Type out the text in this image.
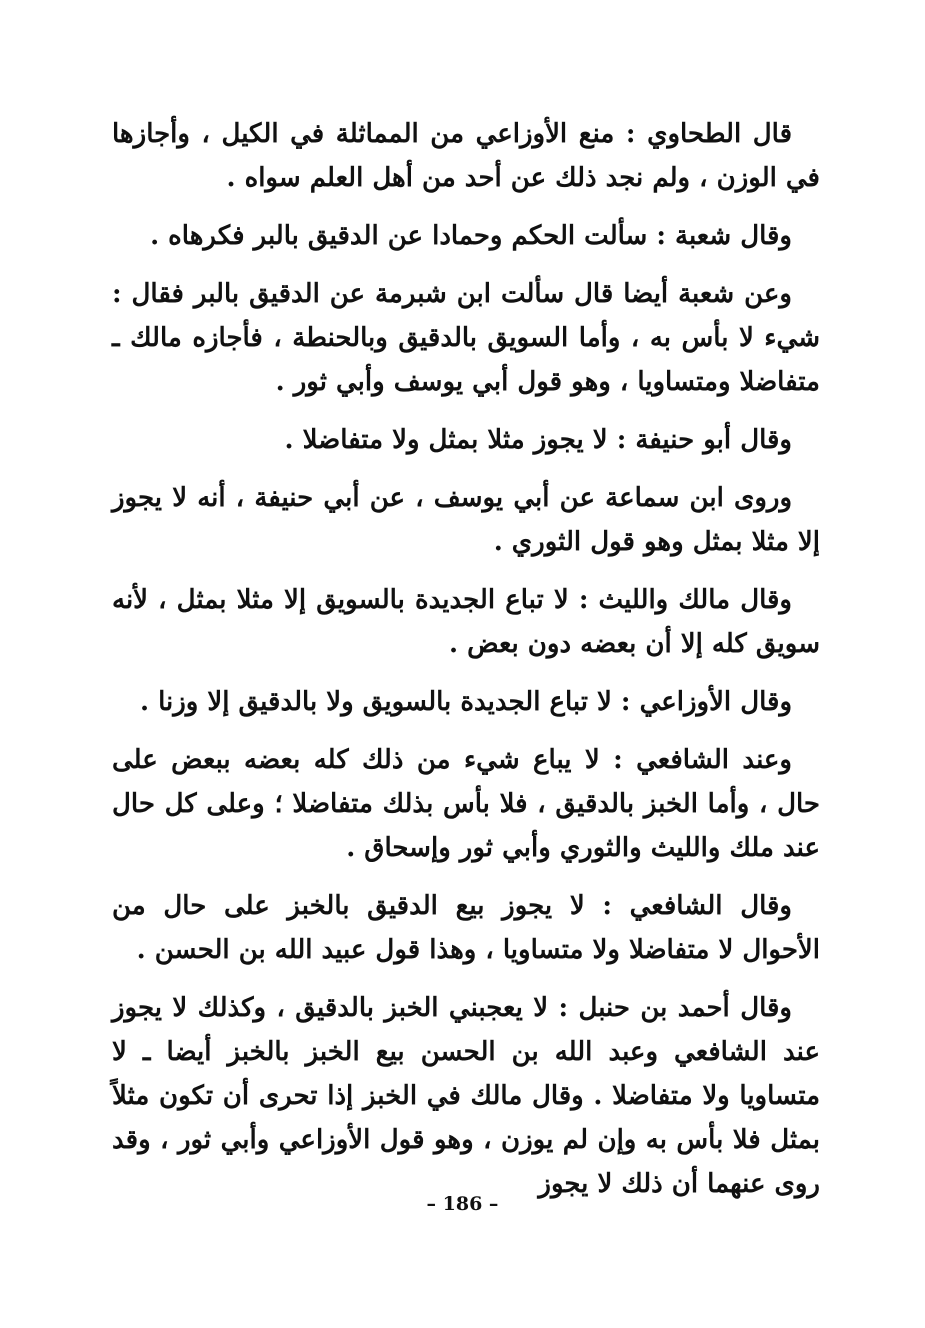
قال الطحاوي : منع الأوزاعي من المماثلة في الكيل ، وأجازها في الوزن ، ولم نجد ذلك عن أحد من أهل العلم سواه .

وقال شعبة : سألت الحكم وحمادا عن الدقيق بالبر فكرهاه .

وعن شعبة أيضا قال سألت ابن شبرمة عن الدقيق بالبر فقال : شيء لا بأس به ، وأما السويق بالدقيق وبالحنطة ، فأجازه مالك ـ متفاضلا ومتساويا ، وهو قول أبي يوسف وأبي ثور .

وقال أبو حنيفة : لا يجوز مثلا بمثل ولا متفاضلا .

وروى ابن سماعة عن أبي يوسف ، عن أبي حنيفة ، أنه لا يجوز إلا مثلا بمثل وهو قول الثوري .

وقال مالك والليث : لا تباع الجديدة بالسويق إلا مثلا بمثل ، لأنه سويق كله إلا أن بعضه دون بعض .

وقال الأوزاعي : لا تباع الجديدة بالسويق ولا بالدقيق إلا وزنا .

وعند الشافعي : لا يباع شيء من ذلك كله بعضه ببعض على حال ، وأما الخبز بالدقيق ، فلا بأس بذلك متفاضلا ؛ وعلى كل حال عند ملك والليث والثوري وأبي ثور وإسحاق .

وقال الشافعي : لا يجوز بيع الدقيق بالخبز على حال من الأحوال لا متفاضلا ولا متساويا ، وهذا قول عبيد الله بن الحسن .

وقال أحمد بن حنبل : لا يعجبني الخبز بالدقيق ، وكذلك لا يجوز عند الشافعي وعبد الله بن الحسن بيع الخبز بالخبز أيضا ـ لا متساويا ولا متفاضلا . وقال مالك في الخبز إذا تحرى أن تكون مثلاً بمثل فلا بأس به وإن لم يوزن ، وهو قول الأوزاعي وأبي ثور ، وقد روى عنهما أن ذلك لا يجوز

– 186 –
